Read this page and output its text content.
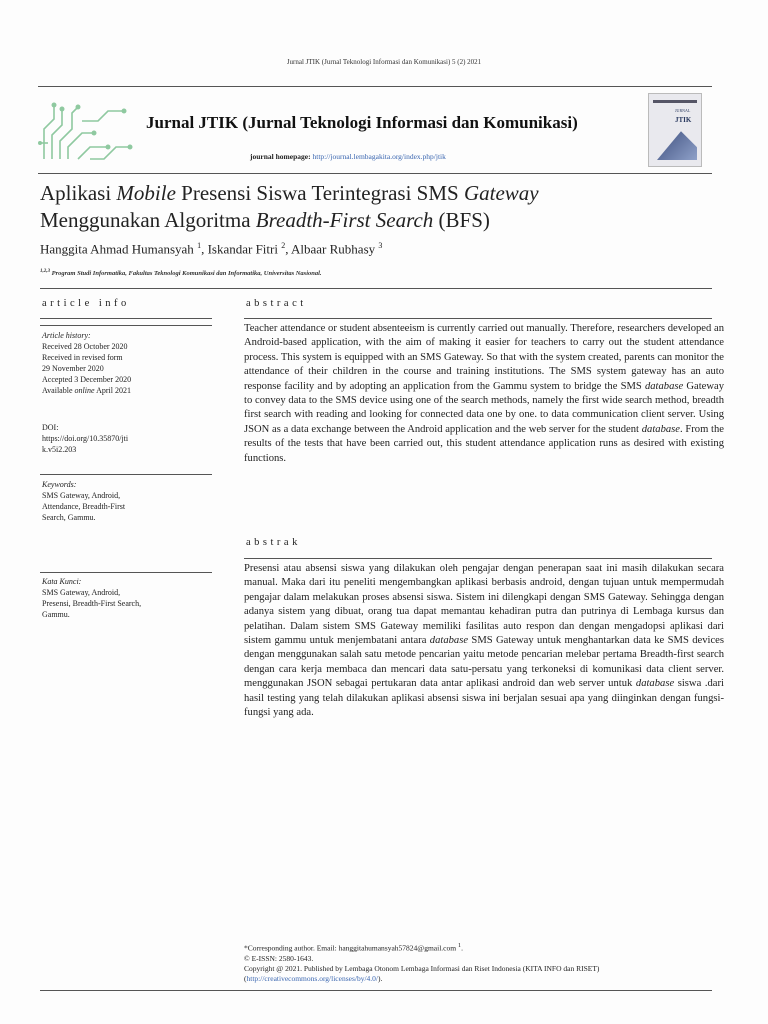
Jurnal JTIK (Jurnal Teknologi Informasi dan Komunikasi) 5 (2) 2021
Jurnal JTIK (Jurnal Teknologi Informasi dan Komunikasi)
journal homepage: http://journal.lembagakita.org/index.php/jtik
JURNAL
JTIK
Aplikasi Mobile Presensi Siswa Terintegrasi SMS Gateway
Menggunakan Algoritma Breadth-First Search (BFS)
Hanggita Ahmad Humansyah $^1$, Iskandar Fitri $^2$, Albaar Rubhasy $^3$
$^{1,2,3}$ Program Studi Informatika, Fakultas Teknologi Komunikasi dan Informatika, Universitas Nasional.
article info	abstract
Article history:
Received 28 October 2020
Received in revised form
29 November 2020
Accepted 3 December 2020
Available online April 2021
DOI:
https://doi.org/10.35870/jti
k.v5i2.203
Keywords:
SMS Gateway, Android,
Attendance, Breadth-First
Search, Gammu.
abstrak
Kata Kunci:
SMS Gateway, Android,
Presensi, Breadth-First Search,
Gammu.
Teacher attendance or student absenteeism is currently carried out manually. Therefore, researchers developed an Android-based application, with the aim of making it easier for teachers to carry out the student attendance process. This system is equipped with an SMS Gateway. So that with the system created, parents can monitor the attendance of their children in the course and training institutions. The SMS system gateway has an auto response facility and by adopting an application from the Gammu system to bridge the SMS database Gateway to convey data to the SMS device using one of the search methods, namely the first wide search method, breadth first search with reading and looking for connected data one by one. to data communication client server. Using JSON as a data exchange between the Android application and the web server for the student database. From the results of the tests that have been carried out, this student attendance application runs as desired with existing functions.
Presensi atau absensi siswa yang dilakukan oleh pengajar dengan penerapan saat ini masih dilakukan secara manual. Maka dari itu peneliti mengembangkan aplikasi berbasis android, dengan tujuan untuk mempermudah pengajar dalam melakukan proses absensi siswa. Sistem ini dilengkapi dengan SMS Gateway. Sehingga dengan adanya sistem yang dibuat, orang tua dapat memantau kehadiran putra dan putrinya di Lembaga kursus dan pelatihan. Dalam sistem SMS Gateway memiliki fasilitas auto respon dan dengan mengadopsi aplikasi dari sistem gammu untuk menjembatani antara database SMS Gateway untuk menghantarkan data ke SMS devices dengan menggunakan salah satu metode pencarian yaitu metode pencarian melebar pertama Breadth-first search dengan cara kerja membaca dan mencari data satu-persatu yang terkoneksi di komunikasi data client server. menggunakan JSON sebagai pertukaran data antar aplikasi android dan web server untuk database siswa .dari hasil testing yang telah dilakukan aplikasi absensi siswa ini berjalan sesuai apa yang diinginkan dengan fungsi-fungsi yang ada.
*Corresponding author. Email: hanggitahumansyah57824@gmail.com $^1$.
© E-ISSN: 2580-1643.
Copyright @ 2021. Published by Lembaga Otonom Lembaga Informasi dan Riset Indonesia (KITA INFO dan RISET)
(http://creativecommons.org/licenses/by/4.0/).
